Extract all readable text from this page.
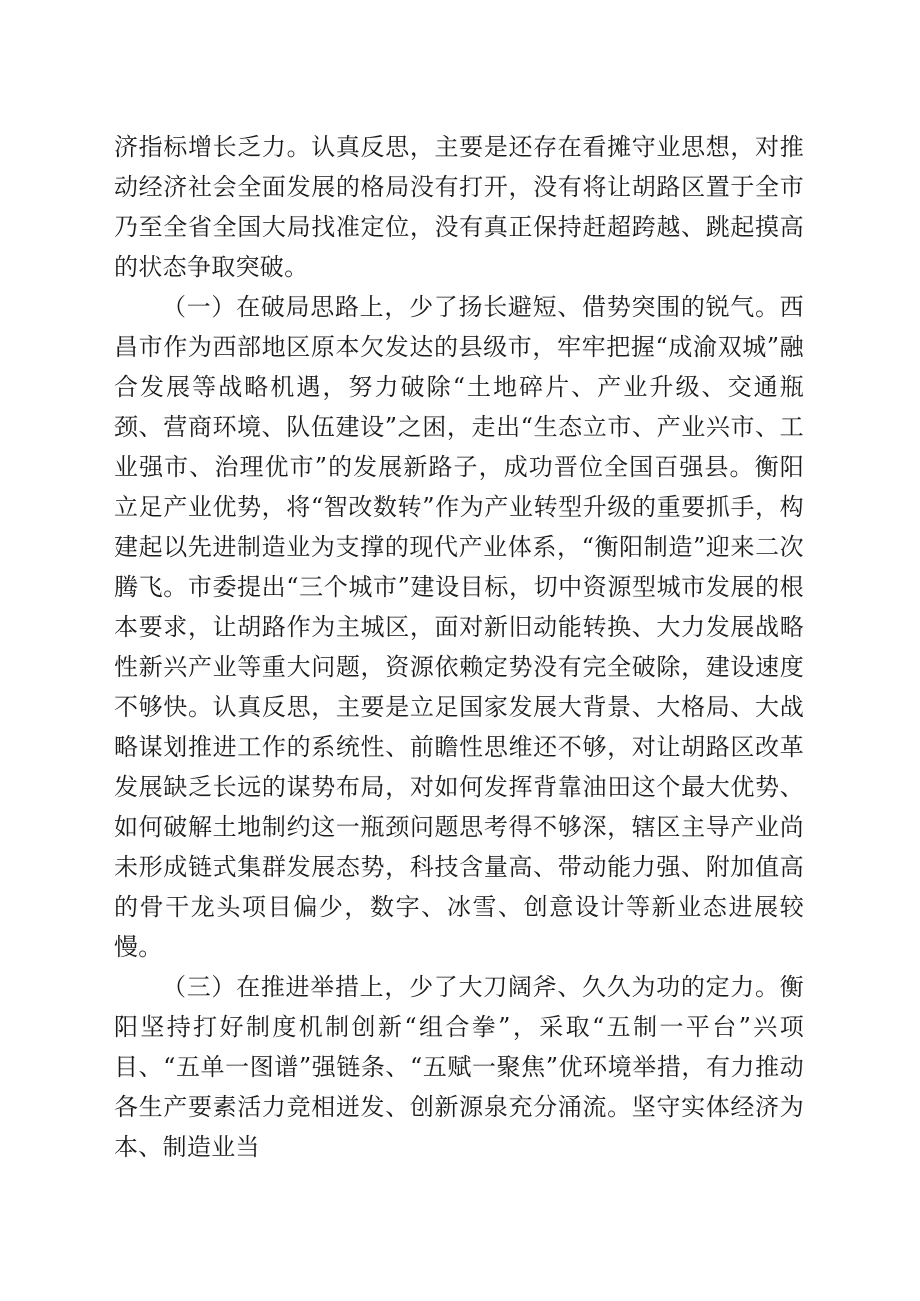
济指标增长乏力。认真反思，主要是还存在看摊守业思想，对推动经济社会全面发展的格局没有打开，没有将让胡路区置于全市乃至全省全国大局找准定位，没有真正保持赶超跨越、跳起摸高的状态争取突破。

（一）在破局思路上，少了扬长避短、借势突围的锐气。西昌市作为西部地区原本欠发达的县级市，牢牢把握“成渝双城”融合发展等战略机遇，努力破除“土地碎片、产业升级、交通瓶颈、营商环境、队伍建设”之困，走出“生态立市、产业兴市、工业强市、治理优市”的发展新路子，成功晋位全国百强县。衡阳立足产业优势，将“智改数转”作为产业转型升级的重要抓手，构建起以先进制造业为支撑的现代产业体系，“衡阳制造”迎来二次腾飞。市委提出“三个城市”建设目标，切中资源型城市发展的根本要求，让胡路作为主城区，面对新旧动能转换、大力发展战略性新兴产业等重大问题，资源依赖定势没有完全破除，建设速度不够快。认真反思，主要是立足国家发展大背景、大格局、大战略谋划推进工作的系统性、前瞻性思维还不够，对让胡路区改革发展缺乏长远的谋势布局，对如何发挥背靠油田这个最大优势、如何破解土地制约这一瓶颈问题思考得不够深，辖区主导产业尚未形成链式集群发展态势，科技含量高、带动能力强、附加值高的骨干龙头项目偏少，数字、冰雪、创意设计等新业态进展较慢。

（三）在推进举措上，少了大刀阔斧、久久为功的定力。衡阳坚持打好制度机制创新“组合拳”，采取“五制一平台”兴项目、“五单一图谱”强链条、“五赋一聚焦”优环境举措，有力推动各生产要素活力竞相迸发、创新源泉充分涌流。坚守实体经济为本、制造业当
